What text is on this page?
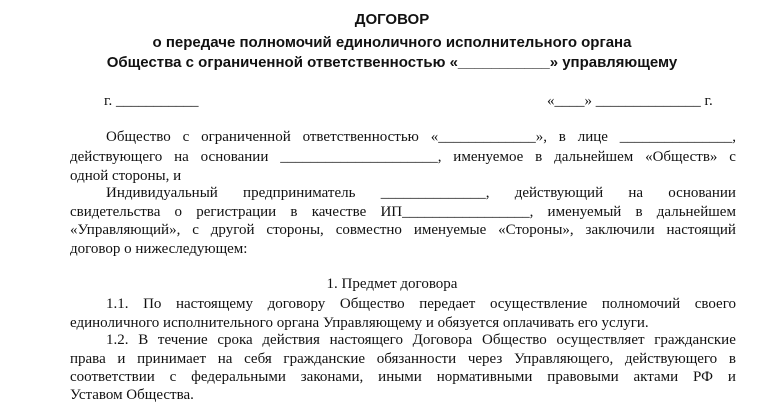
ДОГОВОР
о передаче полномочий единоличного исполнительного органа
Общества с ограниченной ответственностью «___________» управляющему
г. ___________	«____» ______________ г.
Общество с ограниченной ответственностью «_____________», в лице _______________,
действующего на основании _____________________, именуемое в дальнейшем «Обществ» с
одной стороны, и
Индивидуальный предприниматель ______________, действующий на основании
свидетельства о регистрации в качестве ИП_________________, именуемый в дальнейшем
«Управляющий», с другой стороны, совместно именуемые «Стороны», заключили настоящий
договор о нижеследующем:
1. Предмет договора
1.1. По настоящему договору Общество передает осуществление полномочий своего
единоличного исполнительного органа Управляющему и обязуется оплачивать его услуги.
1.2. В течение срока действия настоящего Договора Общество осуществляет гражданские
права и принимает на себя гражданские обязанности через Управляющего, действующего в
соответствии с федеральными законами, иными нормативными правовыми актами РФ и
Уставом Общества.
